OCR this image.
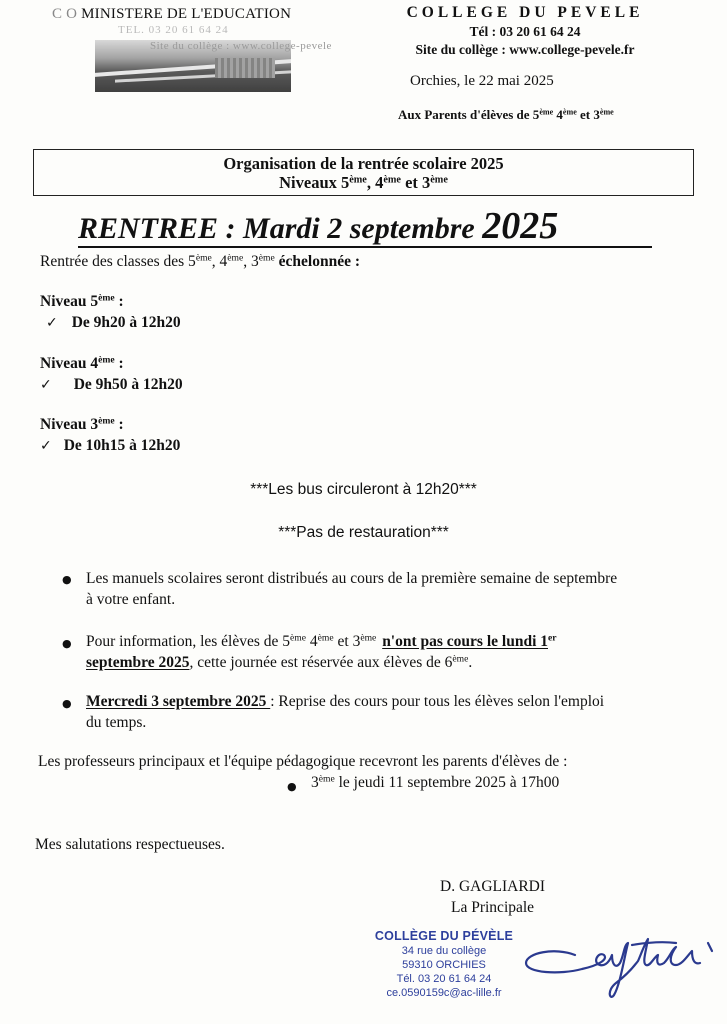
C O MINISTERE DE L'EDUCATION
TEL. 03 20 61 64 24
Site du collège : www.college-pevele
COLLEGE DU PEVELE
Tél : 03 20 61 64 24
Site du collège : www.college-pevele.fr
Orchies, le 22 mai 2025
Aux Parents d'élèves de 5ème 4ème et 3ème
Organisation de la rentrée scolaire 2025
Niveaux 5ème, 4ème et 3ème
RENTREE : Mardi 2 septembre 2025
Rentrée des classes des 5ème, 4ème, 3ème échelonnée :
Niveau 5ème :
✓ De 9h20 à 12h20
Niveau 4ème :
✓ De 9h50 à 12h20
Niveau 3ème :
✓ De 10h15 à 12h20
***Les bus circuleront à 12h20***
***Pas de restauration***
● Les manuels scolaires seront distribués au cours de la première semaine de septembre
à votre enfant.
● Pour information, les élèves de 5ème 4ème et 3ème n'ont pas cours le lundi 1er
septembre 2025, cette journée est réservée aux élèves de 6ème.
● Mercredi 3 septembre 2025 : Reprise des cours pour tous les élèves selon l'emploi
du temps.
Les professeurs principaux et l'équipe pédagogique recevront les parents d'élèves de :
● 3ème le jeudi 11 septembre 2025 à 17h00
Mes salutations respectueuses.
D. GAGLIARDI
La Principale
COLLÈGE DU PÉVÈLE
34 rue du collège
59310 ORCHIES
Tél. 03 20 61 64 24
ce.0590159c@ac-lille.fr
